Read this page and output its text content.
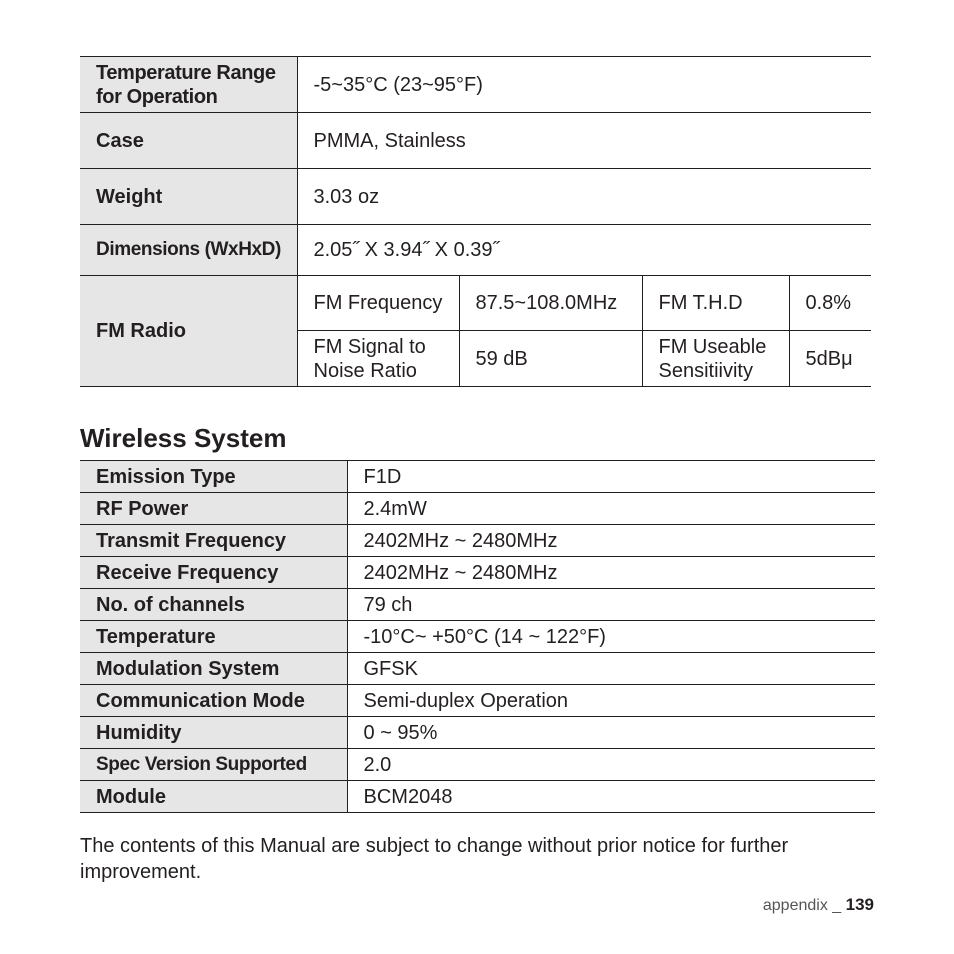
Temperature Range for Operation	-5~35°C (23~95°F)			
Case	PMMA, Stainless			
Weight	3.03 oz			
Dimensions (WxHxD)	2.05˝ X 3.94˝ X 0.39˝			
FM Radio	FM Frequency	87.5~108.0MHz	FM T.H.D	0.8%
	FM Signal to Noise Ratio	59 dB	FM Useable Sensitiivity	5dBμ
Wireless System
Emission Type	F1D
RF Power	2.4mW
Transmit Frequency	2402MHz ~ 2480MHz
Receive Frequency	2402MHz ~ 2480MHz
No. of channels	79 ch
Temperature	-10°C~ +50°C (14 ~ 122°F)
Modulation System	GFSK
Communication Mode	Semi-duplex Operation
Humidity	0 ~ 95%
Spec Version Supported	2.0
Module	BCM2048

The contents of this Manual are subject to change without prior notice for further improvement.

appendix _ 139
